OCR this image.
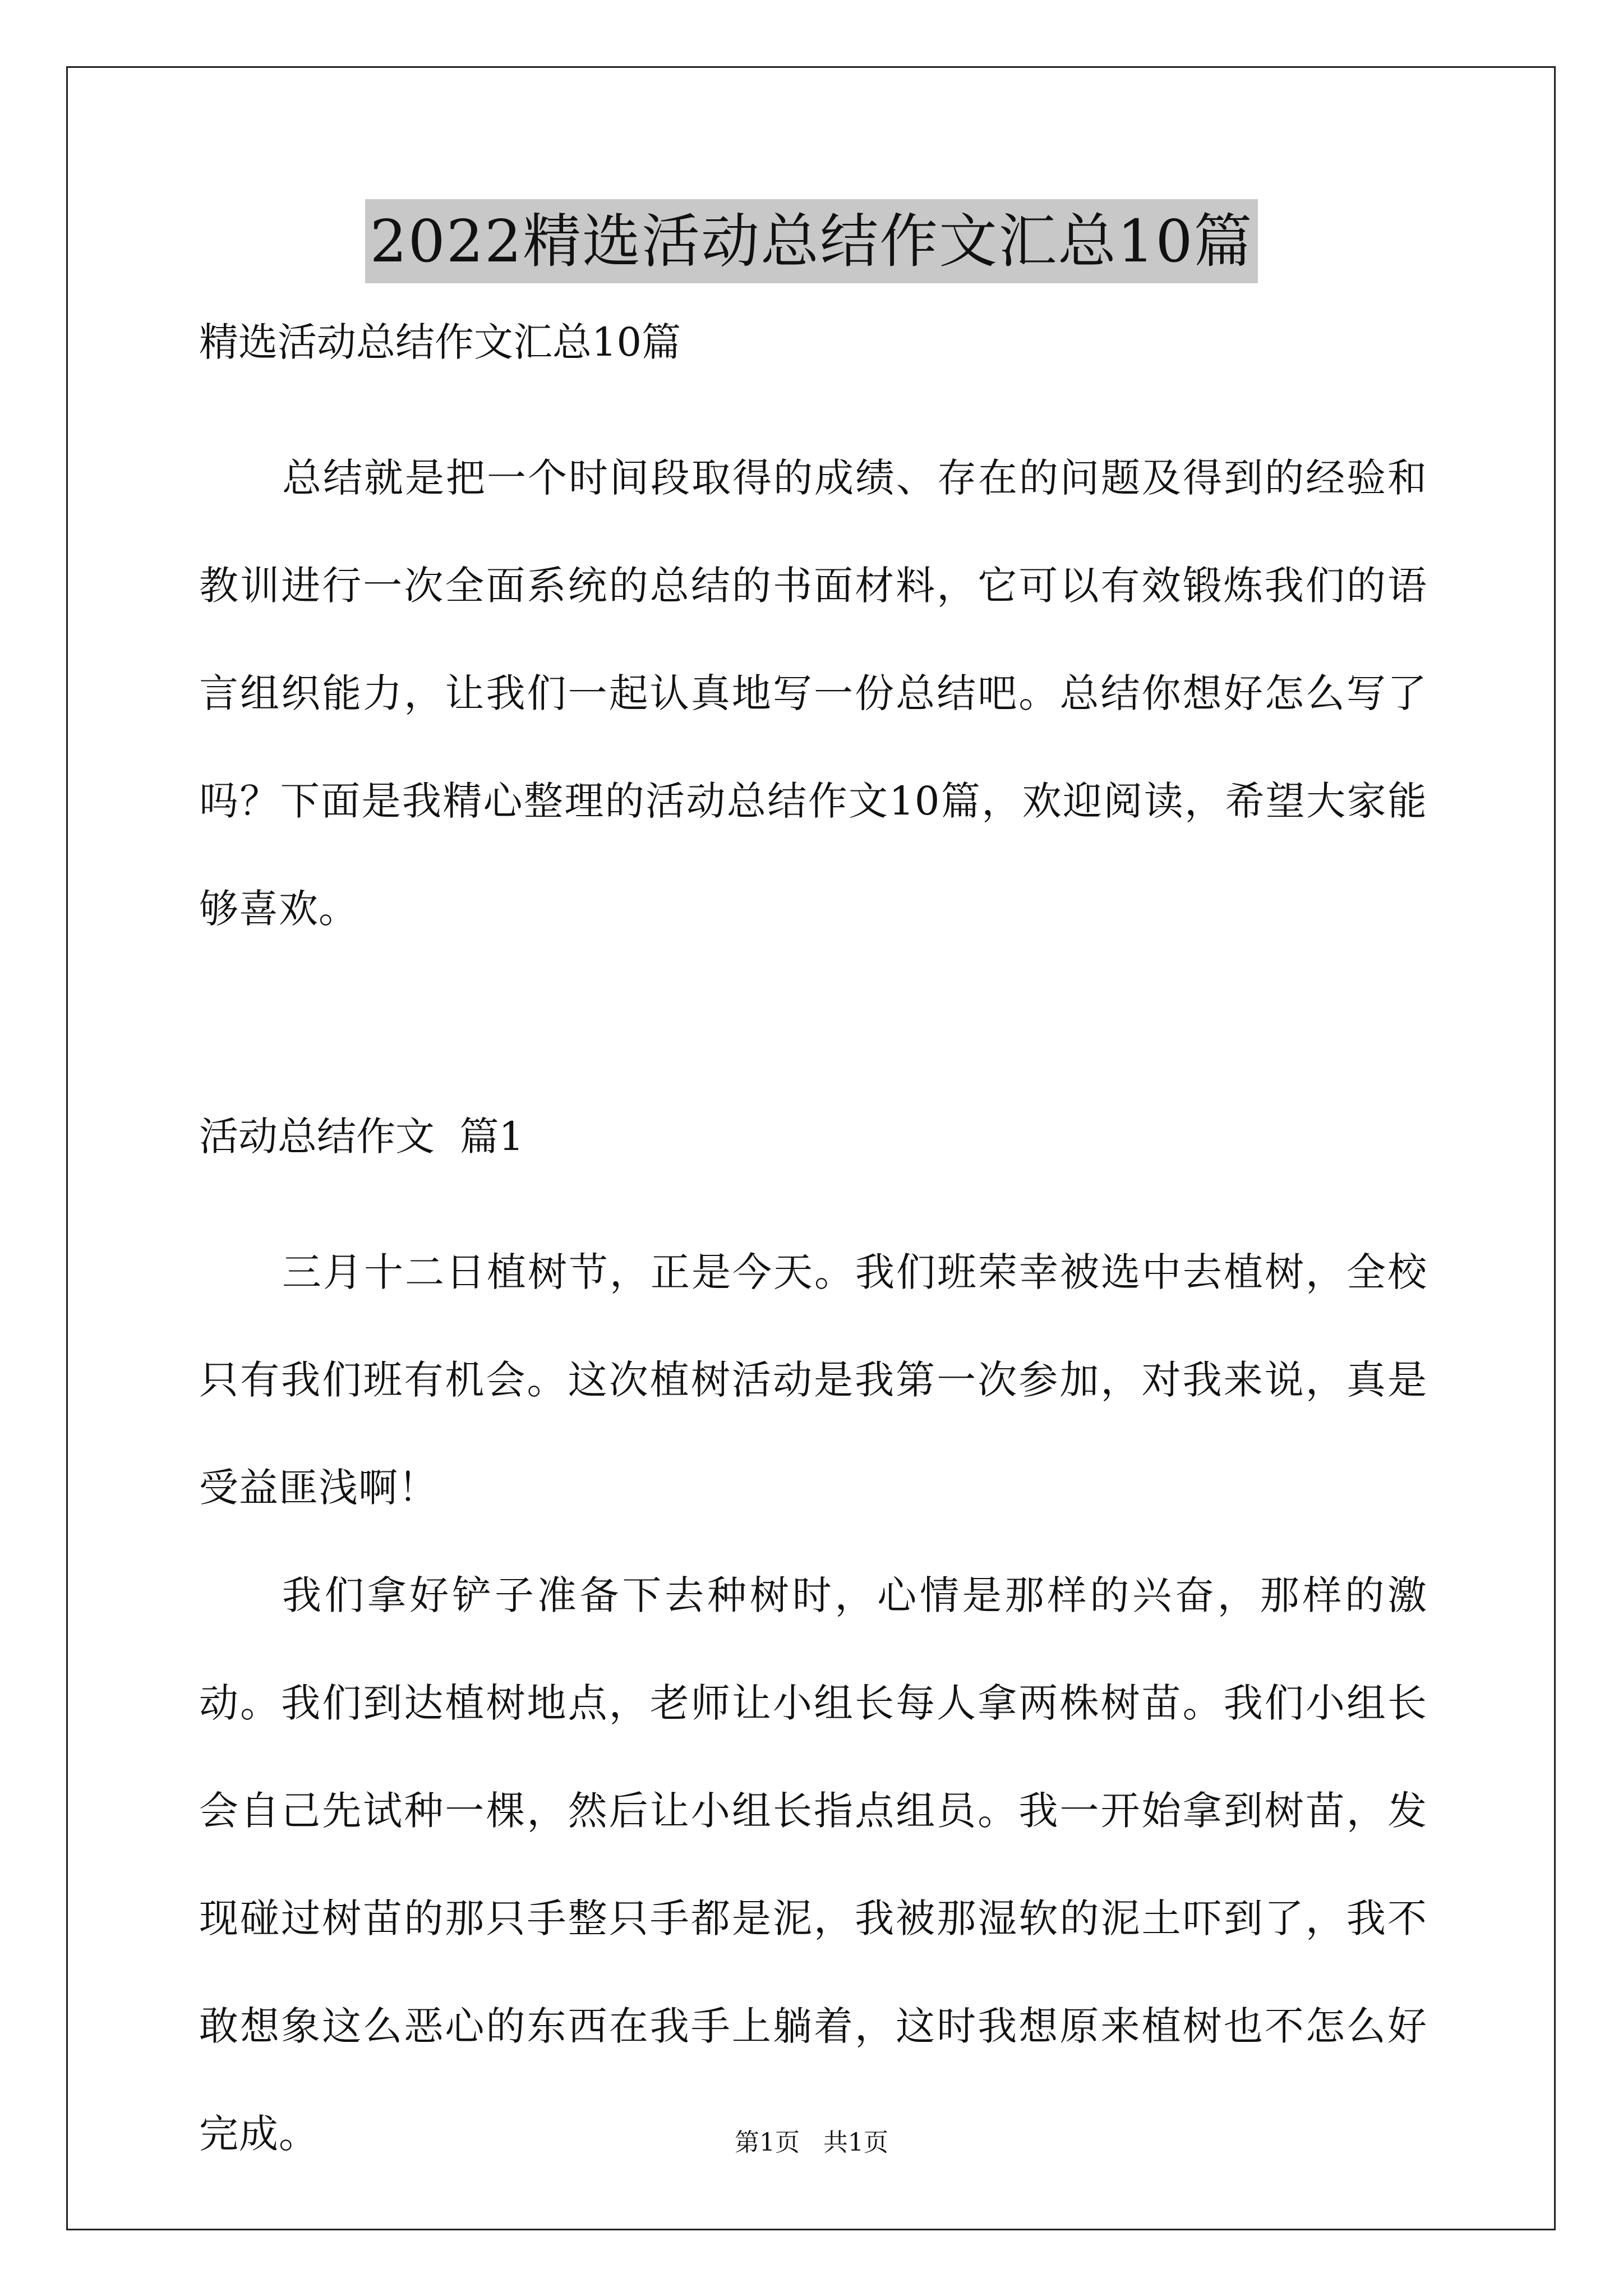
2022精选活动总结作文汇总10篇

精选活动总结作文汇总10篇

总结就是把一个时间段取得的成绩、存在的问题及得到的经验和教训进行一次全面系统的总结的书面材料，它可以有效锻炼我们的语言组织能力，让我们一起认真地写一份总结吧。总结你想好怎么写了吗？下面是我精心整理的活动总结作文10篇，欢迎阅读，希望大家能够喜欢。

活动总结作文  篇1

三月十二日植树节，正是今天。我们班荣幸被选中去植树，全校只有我们班有机会。这次植树活动是我第一次参加，对我来说，真是受益匪浅啊！

我们拿好铲子准备下去种树时，心情是那样的兴奋，那样的激动。我们到达植树地点，老师让小组长每人拿两株树苗。我们小组长会自己先试种一棵，然后让小组长指点组员。我一开始拿到树苗，发现碰过树苗的那只手整只手都是泥，我被那湿软的泥土吓到了，我不敢想象这么恶心的东西在我手上躺着，这时我想原来植树也不怎么好完成。	第1页 共1页
